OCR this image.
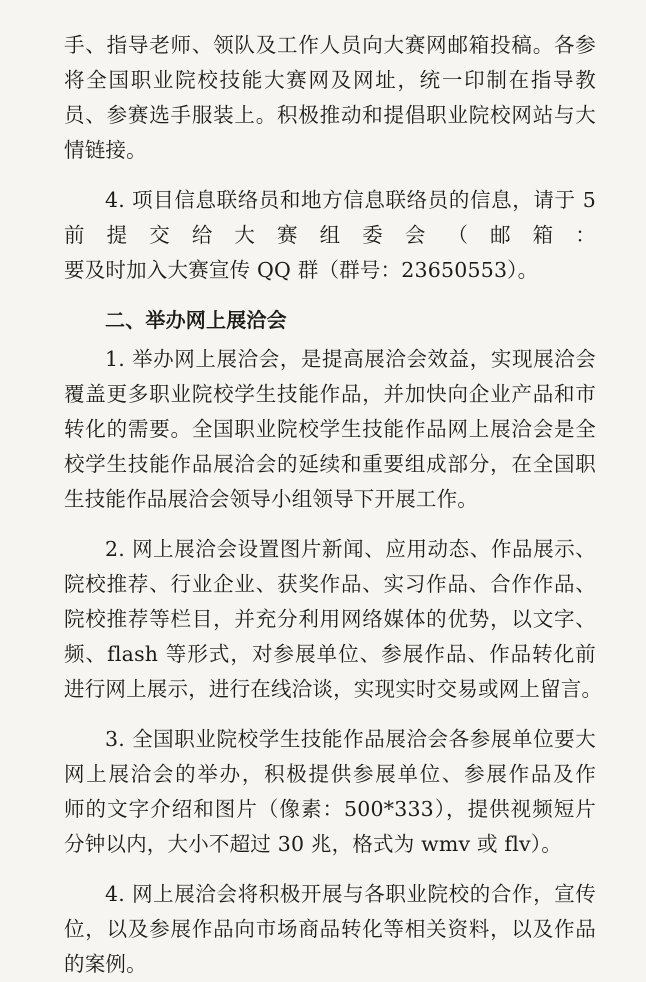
手、指导老师、领队及工作人员向大赛网邮箱投稿。各参
将全国职业院校技能大赛网及网址，统一印制在指导教
员、参赛选手服装上。积极推动和提倡职业院校网站与大
情链接。
4. 项目信息联络员和地方信息联络员的信息，请于 5
前提交给大赛组委会（邮箱：
要及时加入大赛宣传 QQ 群（群号：23650553）。
二、举办网上展洽会
1. 举办网上展洽会，是提高展洽会效益，实现展洽会
覆盖更多职业院校学生技能作品，并加快向企业产品和市
转化的需要。全国职业院校学生技能作品网上展洽会是全
校学生技能作品展洽会的延续和重要组成部分，在全国职
生技能作品展洽会领导小组领导下开展工作。
2. 网上展洽会设置图片新闻、应用动态、作品展示、
院校推荐、行业企业、获奖作品、实习作品、合作作品、
院校推荐等栏目，并充分利用网络媒体的优势，以文字、
频、flash 等形式，对参展单位、参展作品、作品转化前
进行网上展示，进行在线洽谈，实现实时交易或网上留言。
3. 全国职业院校学生技能作品展洽会各参展单位要大
网上展洽会的举办，积极提供参展单位、参展作品及作
师的文字介绍和图片（像素：500*333），提供视频短片
分钟以内，大小不超过 30 兆，格式为 wmv 或 flv）。
4. 网上展洽会将积极开展与各职业院校的合作，宣传
位，以及参展作品向市场商品转化等相关资料，以及作品
的案例。
